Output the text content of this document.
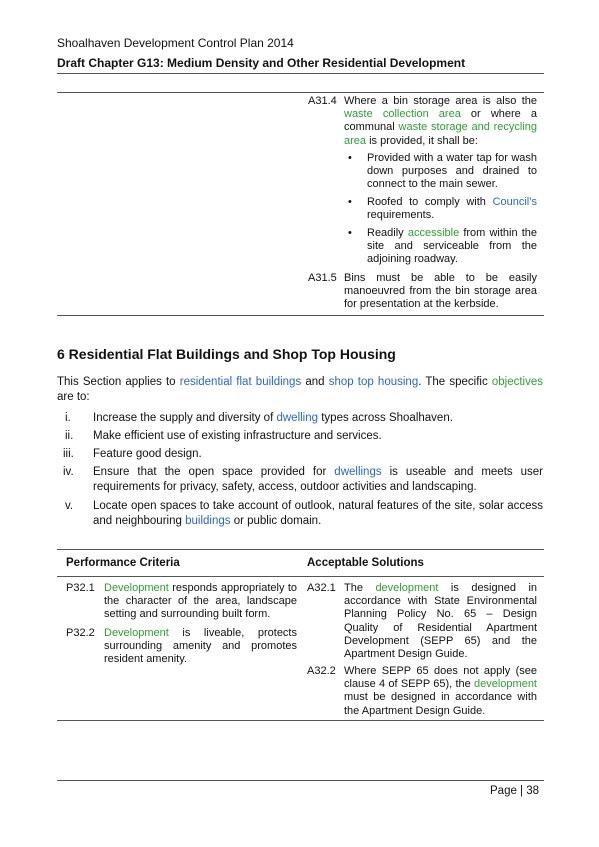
Shoalhaven Development Control Plan 2014
Draft Chapter G13: Medium Density and Other Residential Development
A31.4 Where a bin storage area is also the waste collection area or where a communal waste storage and recycling area is provided, it shall be:
• Provided with a water tap for wash down purposes and drained to connect to the main sewer.
• Roofed to comply with Council’s requirements.
• Readily accessible from within the site and serviceable from the adjoining roadway.
A31.5 Bins must be able to be easily manoeuvred from the bin storage area for presentation at the kerbside.
6 Residential Flat Buildings and Shop Top Housing
This Section applies to residential flat buildings and shop top housing. The specific objectives are to:
i. Increase the supply and diversity of dwelling types across Shoalhaven.
ii. Make efficient use of existing infrastructure and services.
iii. Feature good design.
iv. Ensure that the open space provided for dwellings is useable and meets user requirements for privacy, safety, access, outdoor activities and landscaping.
v. Locate open spaces to take account of outlook, natural features of the site, solar access and neighbouring buildings or public domain.
Performance Criteria	Acceptable Solutions
P32.1 Development responds appropriately to the character of the area, landscape setting and surrounding built form.
P32.2 Development is liveable, protects surrounding amenity and promotes resident amenity.
A32.1 The development is designed in accordance with State Environmental Planning Policy No. 65 – Design Quality of Residential Apartment Development (SEPP 65) and the Apartment Design Guide.
A32.2 Where SEPP 65 does not apply (see clause 4 of SEPP 65), the development must be designed in accordance with the Apartment Design Guide.
Page | 38
